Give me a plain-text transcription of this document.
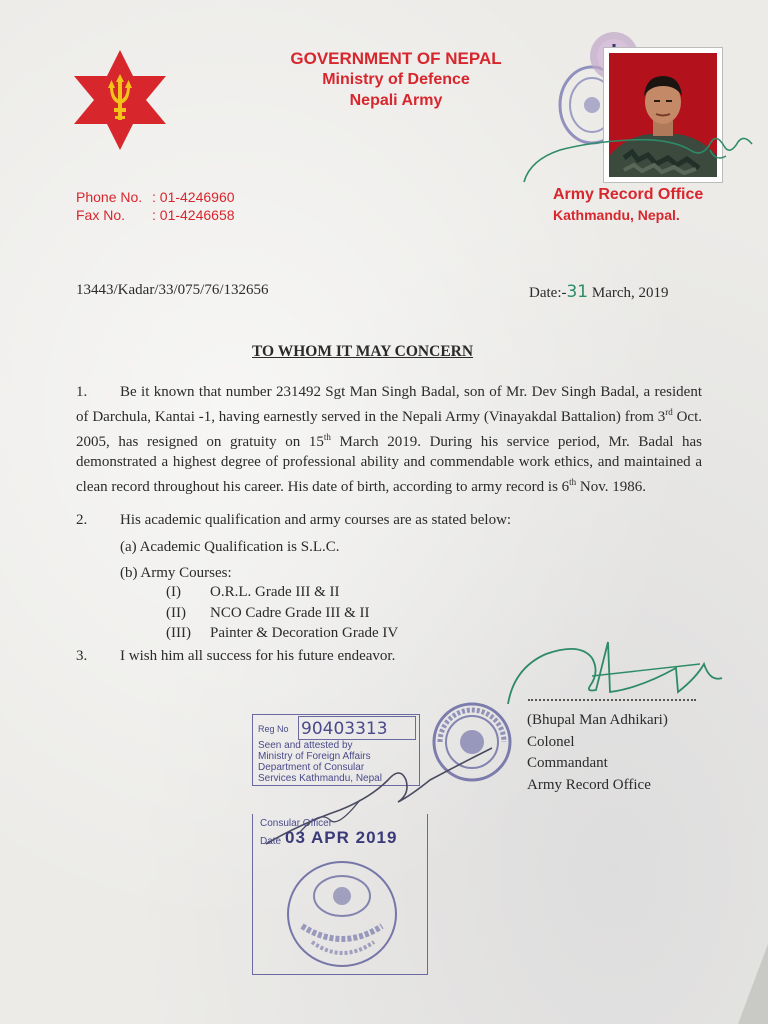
GOVERNMENT OF NEPAL
Ministry of Defence
Nepali Army
Phone No. : 01-4246960
Fax No. : 01-4246658
Army Record Office
Kathmandu, Nepal.
13443/Kadar/33/075/76/132656	Date:-31 March, 2019
TO WHOM IT MAY CONCERN
1. Be it known that number 231492 Sgt Man Singh Badal, son of Mr. Dev Singh Badal, a resident of Darchula, Kantai -1, having earnestly served in the Nepali Army (Vinayakdal Battalion) from 3rd Oct. 2005, has resigned on gratuity on 15th March 2019. During his service period, Mr. Badal has demonstrated a highest degree of professional ability and commendable work ethics, and maintained a clean record throughout his career. His date of birth, according to army record is 6th Nov. 1986.
2. His academic qualification and army courses are as stated below:
(a) Academic Qualification is S.L.C.
(b) Army Courses:
(I) O.R.L. Grade III & II
(II) NCO Cadre Grade III & II
(III) Painter & Decoration Grade IV
3. I wish him all success for his future endeavor.
(Bhupal Man Adhikari)
Colonel
Commandant
Army Record Office
Reg No 90403313
Seen and attested by
Ministry of Foreign Affairs
Department of Consular
Services Kathmandu, Nepal
Consular Officer
Date 03 APR 2019
